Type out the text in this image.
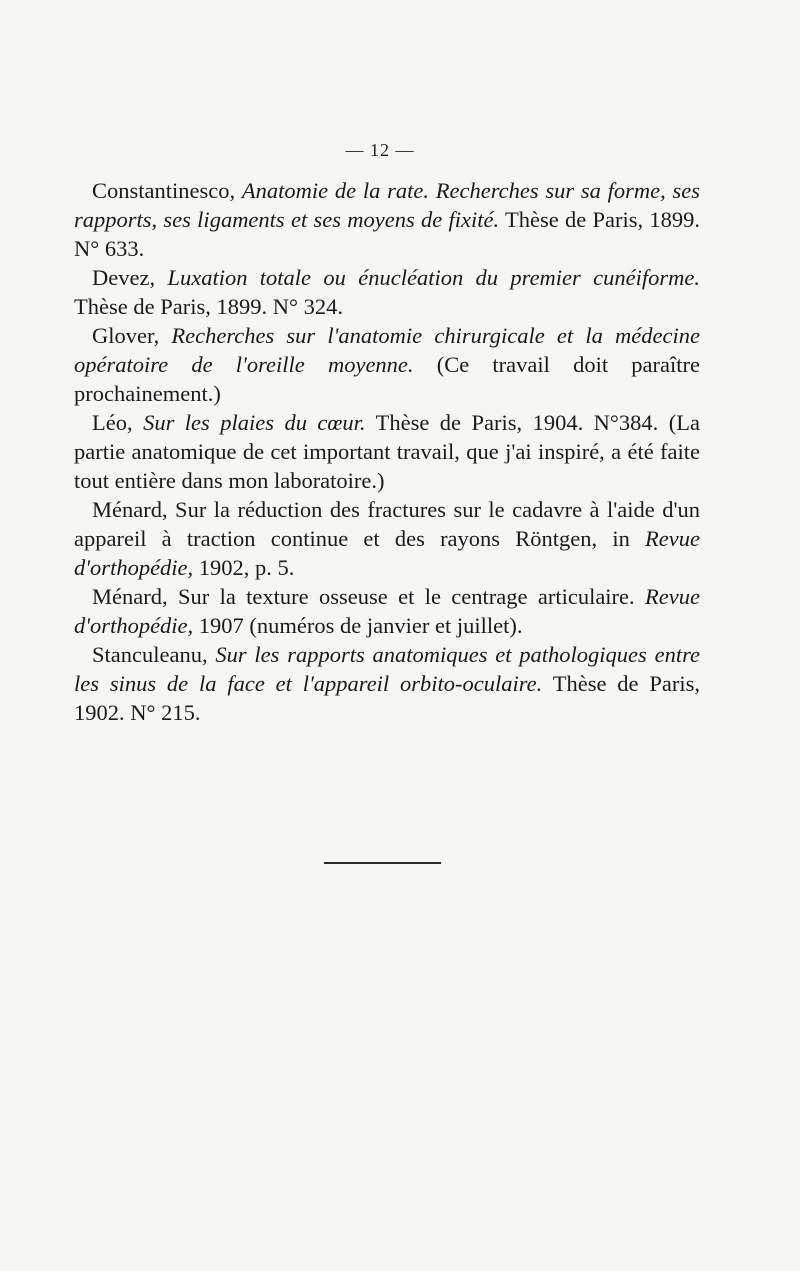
— 12 —

Constantinesco, Anatomie de la rate. Recherches sur sa forme, ses rapports, ses ligaments et ses moyens de fixité. Thèse de Paris, 1899. N° 633.

Devez, Luxation totale ou énucléation du premier cunéiforme. Thèse de Paris, 1899. N° 324.

Glover, Recherches sur l'anatomie chirurgicale et la médecine opératoire de l'oreille moyenne. (Ce travail doit paraître prochainement.)

Léo, Sur les plaies du cœur. Thèse de Paris, 1904. N°384. (La partie anatomique de cet important travail, que j'ai inspiré, a été faite tout entière dans mon laboratoire.)

Ménard, Sur la réduction des fractures sur le cadavre à l'aide d'un appareil à traction continue et des rayons Röntgen, in Revue d'orthopédie, 1902, p. 5.

Ménard, Sur la texture osseuse et le centrage articulaire. Revue d'orthopédie, 1907 (numéros de janvier et juillet).

Stanculeanu, Sur les rapports anatomiques et pathologiques entre les sinus de la face et l'appareil orbito-oculaire. Thèse de Paris, 1902. N° 215.
